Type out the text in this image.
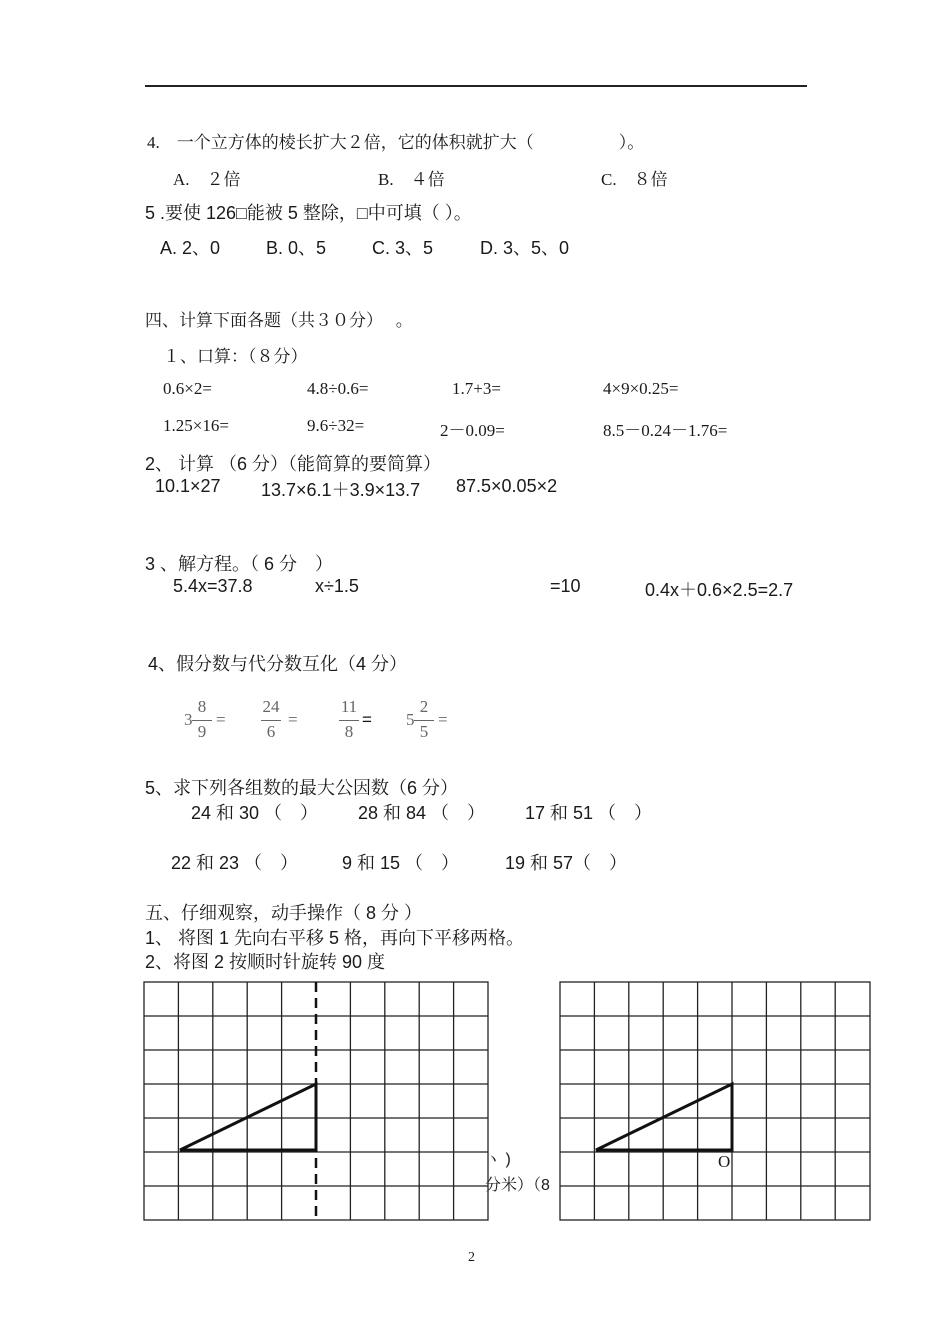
4.　一个立方体的棱长扩大２倍，它的体积就扩大（　　　　　）。
A.　２倍	B.　４倍	C.　８倍
5 .要使 126□能被 5 整除，□中可填（ ）。
A. 2、0	B. 0、5	C. 3、5	D. 3、5、0
四、计算下面各题（共３０分）　 。
１、口算：（８分）
0.6×2=	4.8÷0.6=	1.7+3=	4×9×0.25=
1.25×16=	9.6÷32=	2－0.09=	8.5－0.24－1.76=
2、 计算 （6 分）（能简算的要简算）
10.1×27 13.7×6.1＋3.9×13.7 87.5×0.05×2
3 、解方程。（ 6 分　）
5.4x=37.8	x÷1.5	=10	0.4x＋0.6×2.5=2.7
4、假分数与代分数互化（4 分）
3
8
9
=
24
6
=
11
8
= 5
2
5
=
5、求下列各组数的最大公因数（6 分）
24 和 30 （　） 28 和 84 （　） 17 和 51 （　）
22 和 23 （　） 9 和 15 （　）	19 和 57（　）
五、仔细观察，动手操作（ 8 分 ）
1、 将图 1 先向右平移 5 格，再向下平移两格。
2、将图 2 按顺时针旋转 90 度
ヽ )
分米）（8
O
2
